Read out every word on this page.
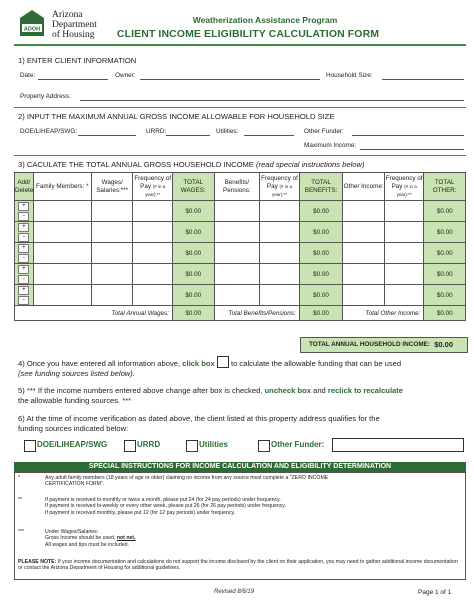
ADOH
Arizona
Department
of Housing
Weatherization Assistance Program
CLIENT INCOME ELIGIBILITY CALCULATION FORM
1) ENTER CLIENT INFORMATION
Date:	Owner:	Household Size:
Property Address:
2) INPUT THE MAXIMUM ANNUAL GROSS INCOME ALLOWABLE FOR HOUSEHOLD SIZE
DOE/LIHEAP/SWG:	URRD:	Utilities:	Other Funder:
Maximum Income:
3) CACULATE THE TOTAL ANNUAL GROSS HOUSEHOLD INCOME (read special instructions below)
Add/ Delete	Family Members: *	Wages/ Salaries:***	Frequency of Pay (# in a year):**	TOTAL WAGES:	Benefits/ Pensions:	Frequency of Pay (# in a year):**	TOTAL BENEFITS:	Other Income:	Frequency of Pay (# in a year):**	TOTAL OTHER:

+
-				$0.00			$0.00			$0.00

+
-				$0.00			$0.00			$0.00

+
-				$0.00			$0.00			$0.00

+
-				$0.00			$0.00			$0.00

+
-				$0.00			$0.00			$0.00
Total Annual Wages:				$0.00	Total Benefits/Pensions:		$0.00	Total Other Income:		$0.00
TOTAL ANNUAL HOUSEHOLD INCOME: $0.00
4) Once you have entered all information above, click box to calculate the allowable funding that can be used
(see funding sources listed below).
5) *** If the income numbers entered above change after box is checked, uncheck box and reclick to recalculate
the allowable funding sources. ***
6) At the time of income verification as dated above, the client listed at this property address qualifies for the
funding sources indicated below:
DOE/LIHEAP/SWG	URRD	Utilities	Other Funder:
SPECIAL INSTRUCTIONS FOR INCOME CALCULATION AND ELIGIBILITY DETERMINATION
*	Any adult family members (18 years of age or older) claiming no income from any source must complete a "ZERO INCOME CERTIFICATION FORM".
**	If payment is received bi-monthly or twice a month, please put 24 (for 24 pay periods) under frequency.
If payment is received bi-weekly or every other week, please put 26 (for 26 pay periods) under frequency.
If payment is received monthly, please put 12 (for 12 pay periods) under frequency.
***	Under Wages/Salaries:
Gross Income should be used, not net.
All wages and tips must be included.
PLEASE NOTE: If your income documentation and calculations do not support the income disclosed by the client on their application, you may need to gather additional income documentation or contact the Arizona Department of Housing for additional guidelines.
Revised 8/6/19	Page 1 of 1
